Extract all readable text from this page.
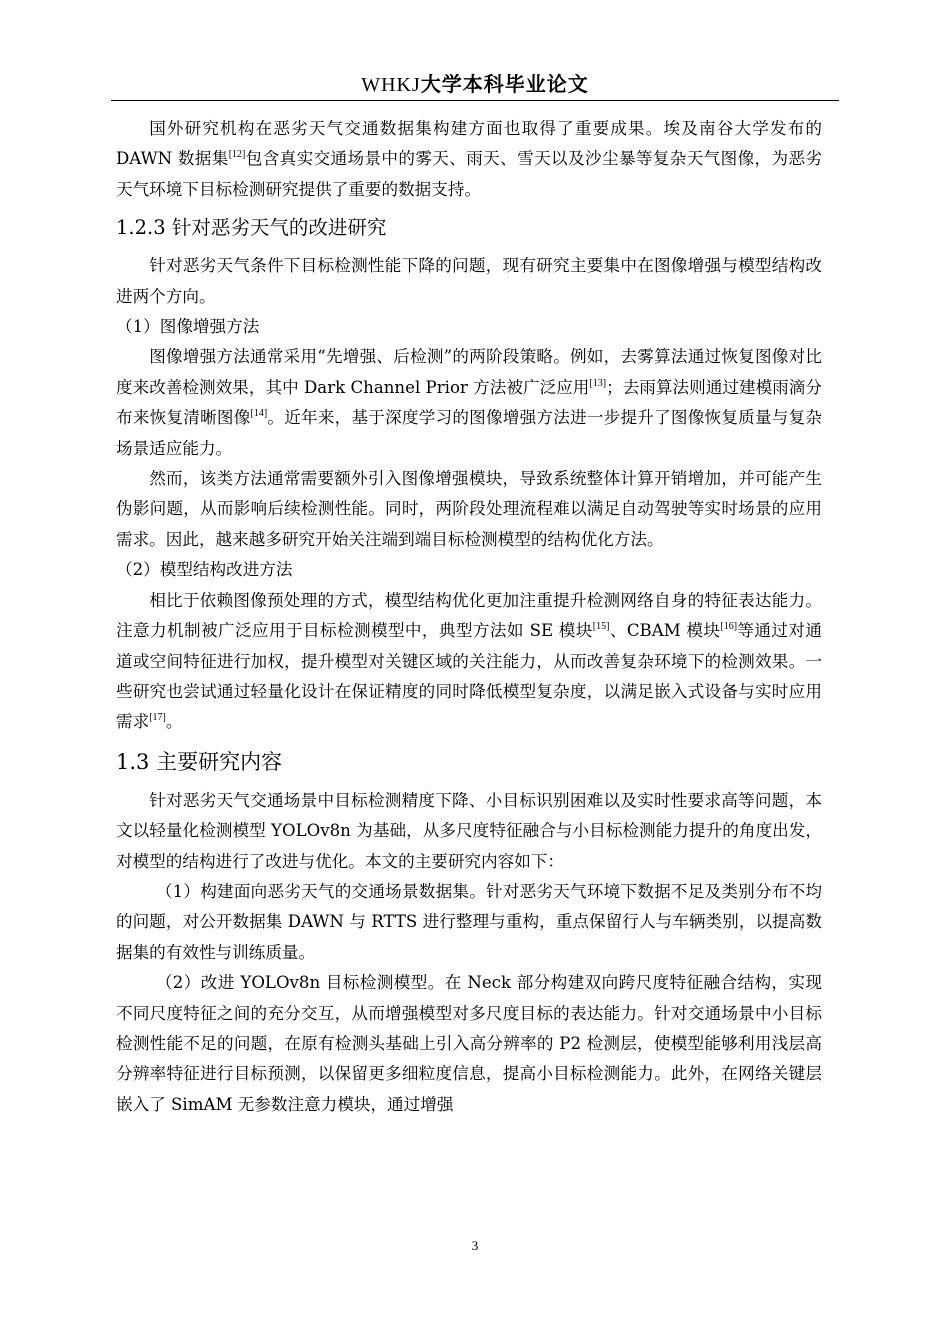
WHKJ大学本科毕业论文

国外研究机构在恶劣天气交通数据集构建方面也取得了重要成果。埃及南谷大学发布的 DAWN 数据集[12]包含真实交通场景中的雾天、雨天、雪天以及沙尘暴等复杂天气图像，为恶劣天气环境下目标检测研究提供了重要的数据支持。

1.2.3 针对恶劣天气的改进研究

针对恶劣天气条件下目标检测性能下降的问题，现有研究主要集中在图像增强与模型结构改进两个方向。

（1）图像增强方法

图像增强方法通常采用“先增强、后检测”的两阶段策略。例如，去雾算法通过恢复图像对比度来改善检测效果，其中 Dark Channel Prior 方法被广泛应用[13]；去雨算法则通过建模雨滴分布来恢复清晰图像[14]。近年来，基于深度学习的图像增强方法进一步提升了图像恢复质量与复杂场景适应能力。

然而，该类方法通常需要额外引入图像增强模块，导致系统整体计算开销增加，并可能产生伪影问题，从而影响后续检测性能。同时，两阶段处理流程难以满足自动驾驶等实时场景的应用需求。因此，越来越多研究开始关注端到端目标检测模型的结构优化方法。

（2）模型结构改进方法

相比于依赖图像预处理的方式，模型结构优化更加注重提升检测网络自身的特征表达能力。注意力机制被广泛应用于目标检测模型中，典型方法如 SE 模块[15]、CBAM 模块[16]等通过对通道或空间特征进行加权，提升模型对关键区域的关注能力，从而改善复杂环境下的检测效果。一些研究也尝试通过轻量化设计在保证精度的同时降低模型复杂度，以满足嵌入式设备与实时应用需求[17]。

1.3 主要研究内容

针对恶劣天气交通场景中目标检测精度下降、小目标识别困难以及实时性要求高等问题，本文以轻量化检测模型 YOLOv8n 为基础，从多尺度特征融合与小目标检测能力提升的角度出发，对模型的结构进行了改进与优化。本文的主要研究内容如下：

（1）构建面向恶劣天气的交通场景数据集。针对恶劣天气环境下数据不足及类别分布不均的问题，对公开数据集 DAWN 与 RTTS 进行整理与重构，重点保留行人与车辆类别，以提高数据集的有效性与训练质量。

（2）改进 YOLOv8n 目标检测模型。在 Neck 部分构建双向跨尺度特征融合结构，实现不同尺度特征之间的充分交互，从而增强模型对多尺度目标的表达能力。针对交通场景中小目标检测性能不足的问题，在原有检测头基础上引入高分辨率的 P2 检测层，使模型能够利用浅层高分辨率特征进行目标预测，以保留更多细粒度信息，提高小目标检测能力。此外，在网络关键层嵌入了 SimAM 无参数注意力模块，通过增强

3
